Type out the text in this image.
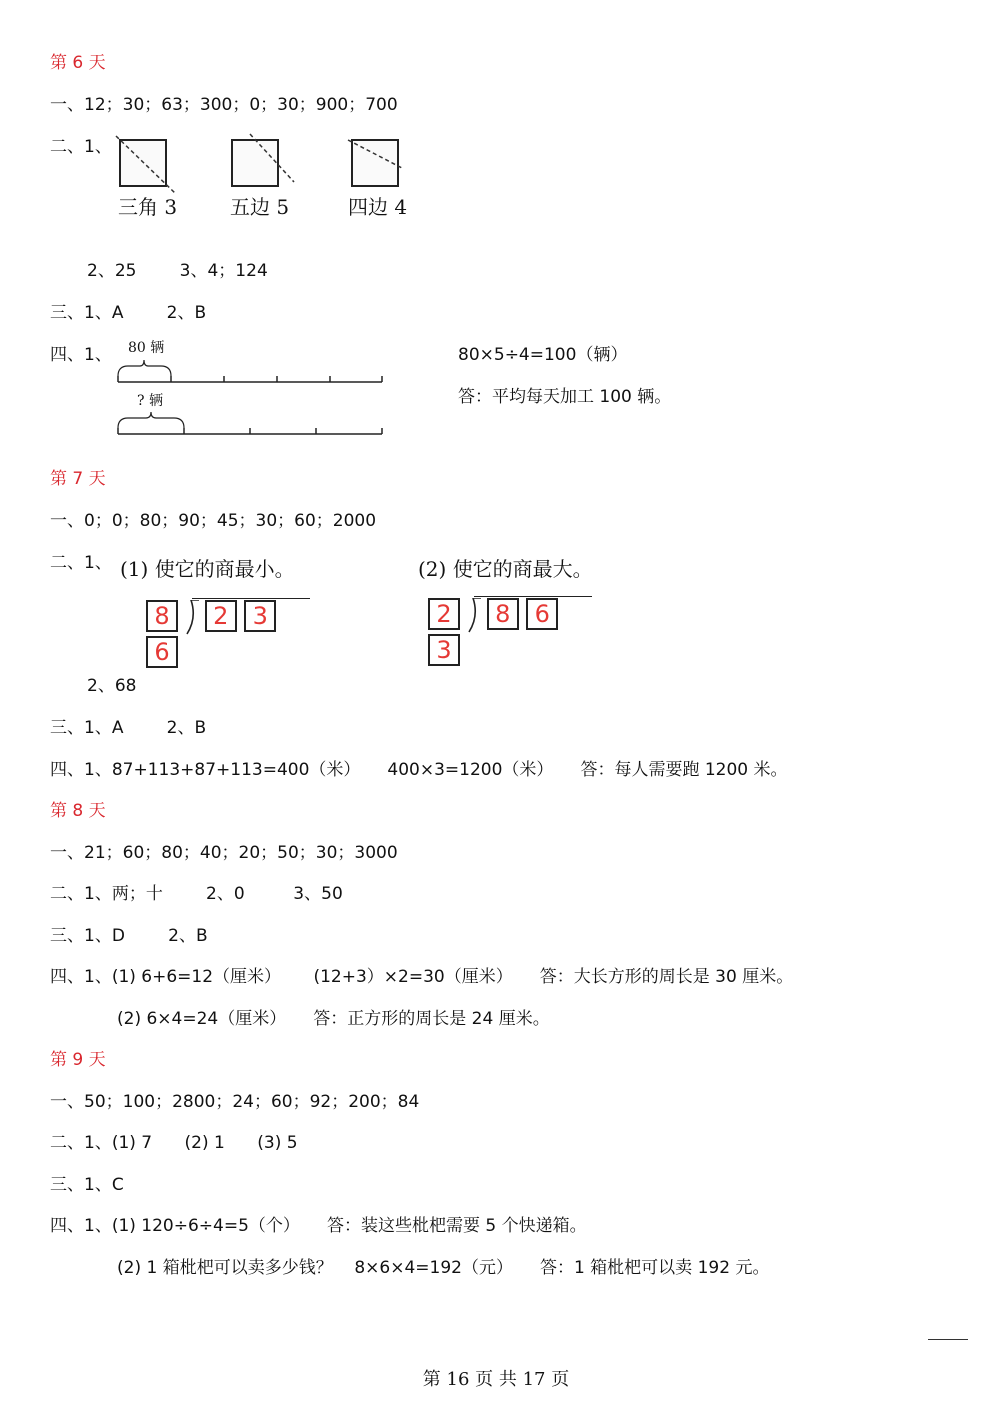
第 6 天
一、12；30；63；300；0；30；900；700
二、1、
三角 3	五边 5	四边 4
2、25        3、4；124
三、1、A        2、B
四、1、 80 辆
? 辆
80×5÷4=100（辆）
答：平均每天加工 100 辆。
第 7 天
一、0；0；80；90；45；30；60；2000
二、1、 (1) 使它的商最小。	(2) 使它的商最大。
8 2 3 6
2 8 6 3
2、68
三、1、A        2、B
四、1、87+113+87+113=400（米）     400×3=1200（米）     答：每人需要跑 1200 米。
第 8 天
一、21；60；80；40；20；50；30；3000
二、1、两；十        2、0         3、50
三、1、D        2、B
四、1、(1) 6+6=12（厘米）      (12+3）×2=30（厘米）     答：大长方形的周长是 30 厘米。
(2) 6×4=24（厘米）     答：正方形的周长是 24 厘米。
第 9 天
一、50；100；2800；24；60；92；200；84
二、1、(1) 7      (2) 1      (3) 5
三、1、C
四、1、(1) 120÷6÷4=5（个）     答：装这些枇杷需要 5 个快递箱。
(2) 1 箱枇杷可以卖多少钱？    8×6×4=192（元）     答：1 箱枇杷可以卖 192 元。
第 16 页 共 17 页
